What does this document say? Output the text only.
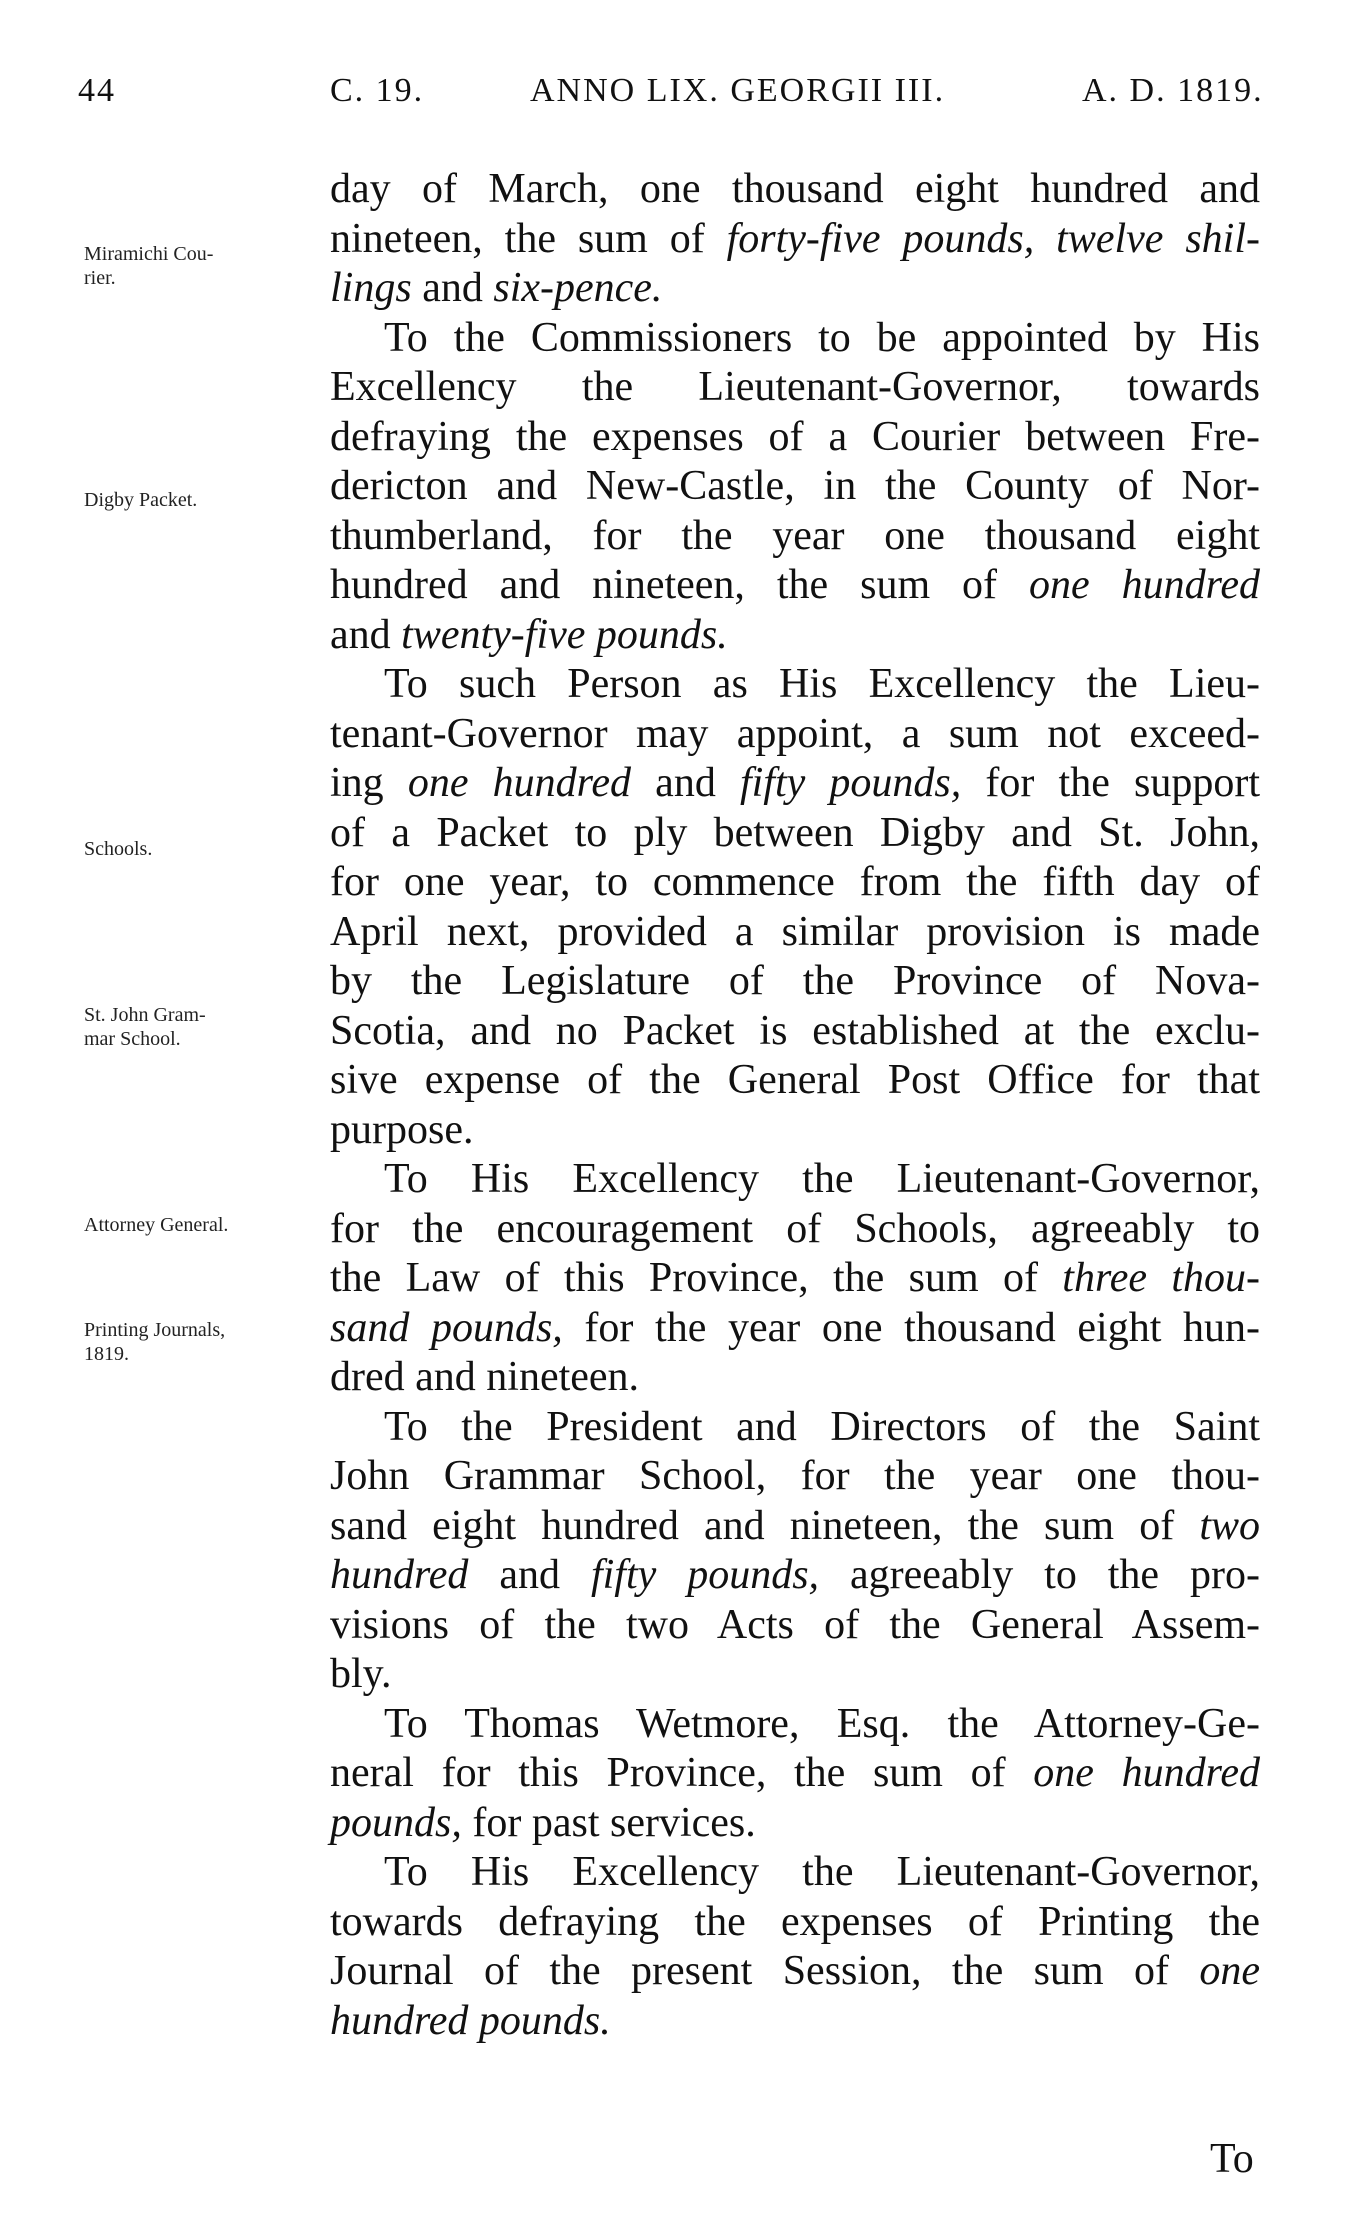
44	C. 19.	ANNO LIX. GEORGII III.	A. D. 1819.

day of March, one thousand eight hundred and
nineteen, the sum of forty-five pounds, twelve shil-
lings and six-pence.

To the Commissioners to be appointed by His
Excellency the Lieutenant-Governor, towards
defraying the expenses of a Courier between Fre-
dericton and New-Castle, in the County of Nor-
thumberland, for the year one thousand eight
hundred and nineteen, the sum of one hundred
and twenty-five pounds.

To such Person as His Excellency the Lieu-
tenant-Governor may appoint, a sum not exceed-
ing one hundred and fifty pounds, for the support
of a Packet to ply between Digby and St. John,
for one year, to commence from the fifth day of
April next, provided a similar provision is made
by the Legislature of the Province of Nova-
Scotia, and no Packet is established at the exclu-
sive expense of the General Post Office for that
purpose.

To His Excellency the Lieutenant-Governor,
for the encouragement of Schools, agreeably to
the Law of this Province, the sum of three thou-
sand pounds, for the year one thousand eight hun-
dred and nineteen.

To the President and Directors of the Saint
John Grammar School, for the year one thou-
sand eight hundred and nineteen, the sum of two
hundred and fifty pounds, agreeably to the pro-
visions of the two Acts of the General Assem-
bly.

To Thomas Wetmore, Esq. the Attorney-Ge-
neral for this Province, the sum of one hundred
pounds, for past services.

To His Excellency the Lieutenant-Governor,
towards defraying the expenses of Printing the
Journal of the present Session, the sum of one
hundred pounds.

Miramichi Cou-
rier.
Digby Packet.
Schools.
St. John Gram-
mar School.
Attorney General.
Printing Journals,
1819.
To
